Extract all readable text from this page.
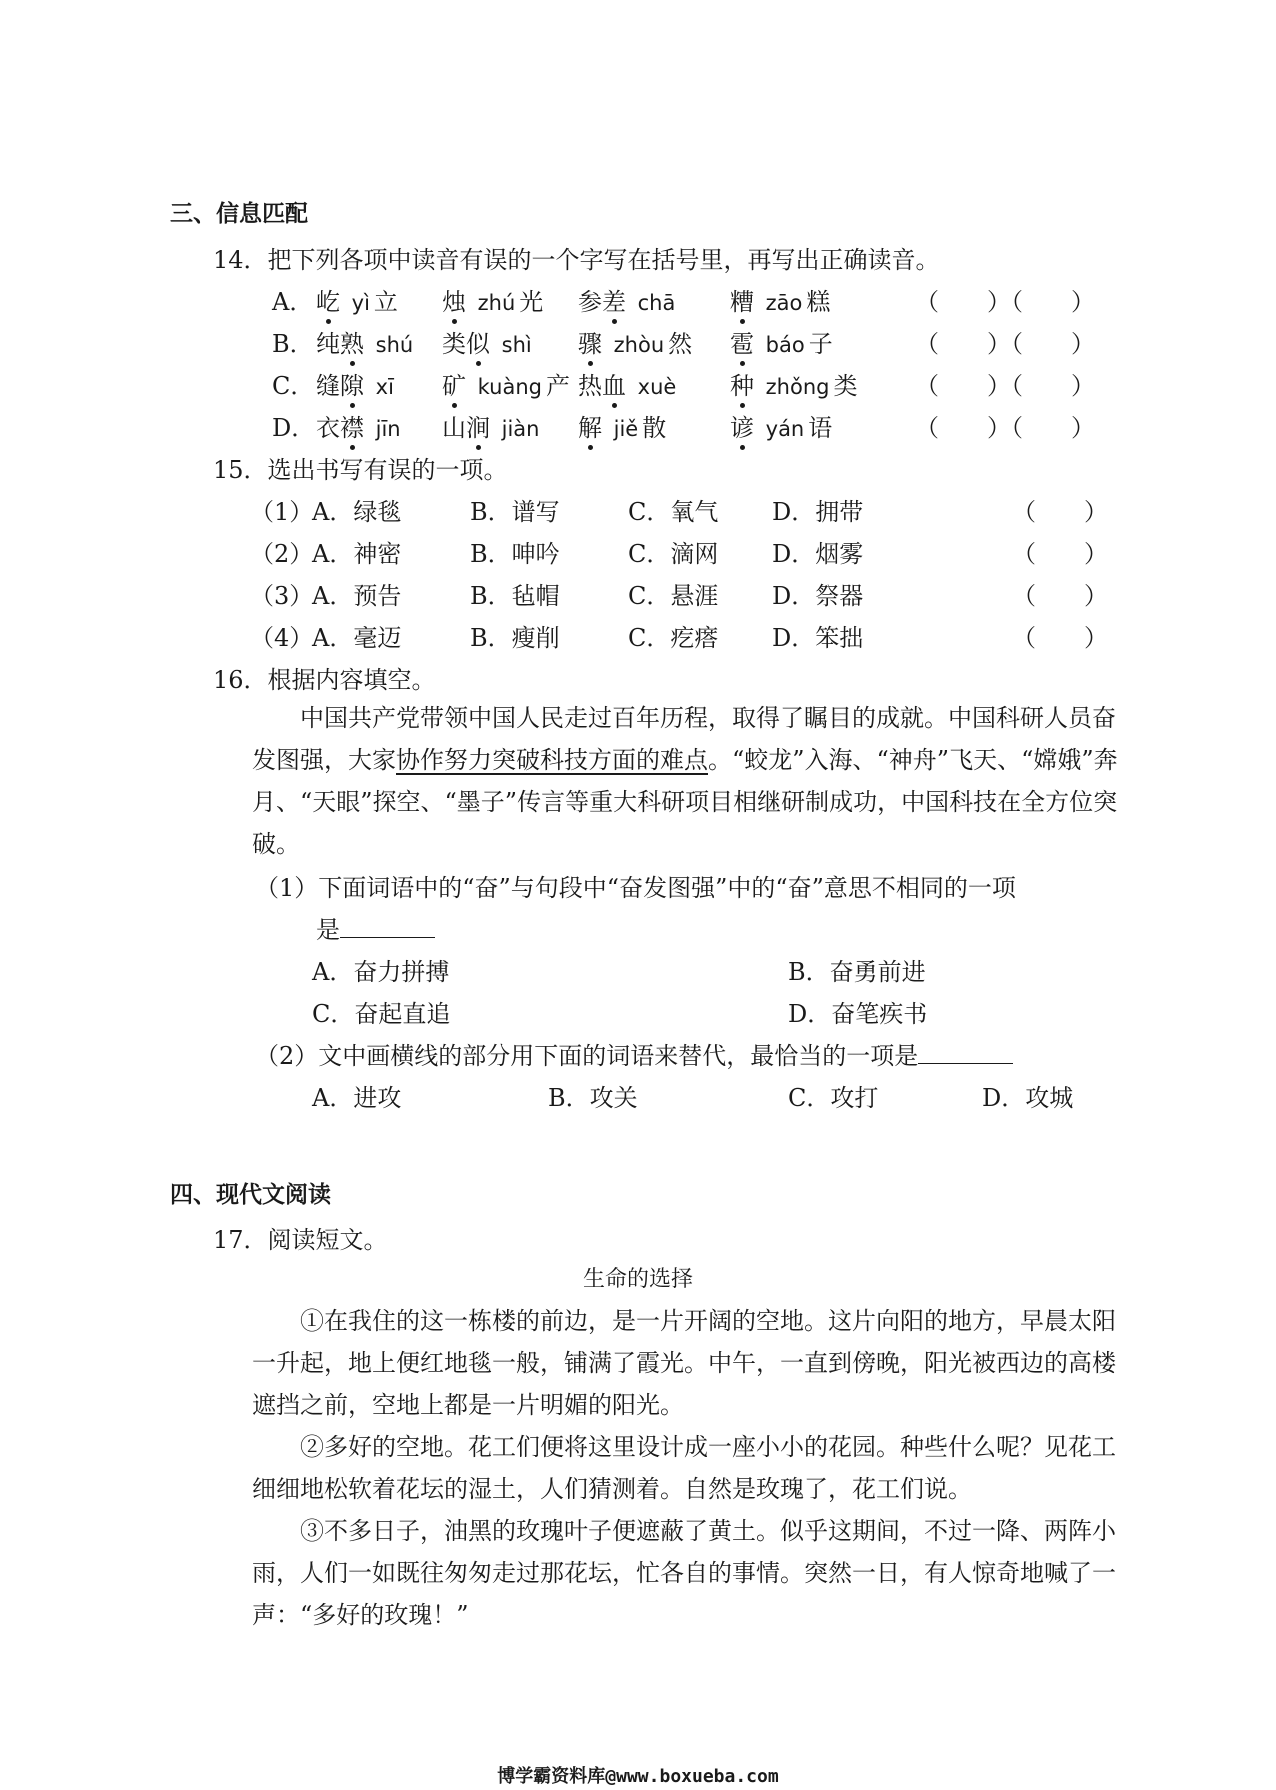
三、信息匹配
14．把下列各项中读音有误的一个字写在括号里，再写出正确读音。
A． 屹 yì 立 烛 zhú 光 参差 chā 糟 zāo 糕	（　　）（　　）
B． 纯熟 shú 类似 shì 骤 zhòu 然 雹 báo 子	（　　）（　　）
C． 缝隙 xī 矿 kuàng 产 热血 xuè 种 zhǒng 类 （　　）（　　）
D． 衣襟 jīn 山涧 jiàn 解 jiě 散	谚 yán 语	（　　）（　　）
15．选出书写有误的一项。
（1）
A．绿毯	B．谱写	C．氧气 D．拥带	（　　）
（2）
A．神密	B．呻吟	C．滴网 D．烟雾	（　　）
（3）
A．预告	B．毡帽	C．悬涯 D．祭器	（　　）
（4）
A．毫迈	B．瘦削	C．疙瘩 D．笨拙	（　　）
16．根据内容填空。
中国共产党带领中国人民走过百年历程，取得了瞩目的成就。中国科研人员奋发图强，大家协作努力突破科技方面的难点。“蛟龙”入海、“神舟”飞天、“嫦娥”奔月、“天眼”探空、“墨子”传言等重大科研项目相继研制成功，中国科技在全方位突破。
（1）下面词语中的“奋”与句段中“奋发图强”中的“奋”意思不相同的一项
是
A．奋力拼搏	B．奋勇前进
C．奋起直追	D．奋笔疾书
（2）文中画横线的部分用下面的词语来替代，最恰当的一项是
A．进攻	B．攻关	C．攻打	D．攻城
四、现代文阅读
17．阅读短文。
生命的选择
①在我住的这一栋楼的前边，是一片开阔的空地。这片向阳的地方，早晨太阳一升起，地上便红地毯一般，铺满了霞光。中午，一直到傍晚，阳光被西边的高楼遮挡之前，空地上都是一片明媚的阳光。
②多好的空地。花工们便将这里设计成一座小小的花园。种些什么呢？见花工细细地松软着花坛的湿土，人们猜测着。自然是玫瑰了，花工们说。
③不多日子，油黑的玫瑰叶子便遮蔽了黄土。似乎这期间，不过一降、两阵小雨，人们一如既往匆匆走过那花坛，忙各自的事情。突然一日，有人惊奇地喊了一声：“多好的玫瑰！”
博学霸资料库@www.boxueba.com
